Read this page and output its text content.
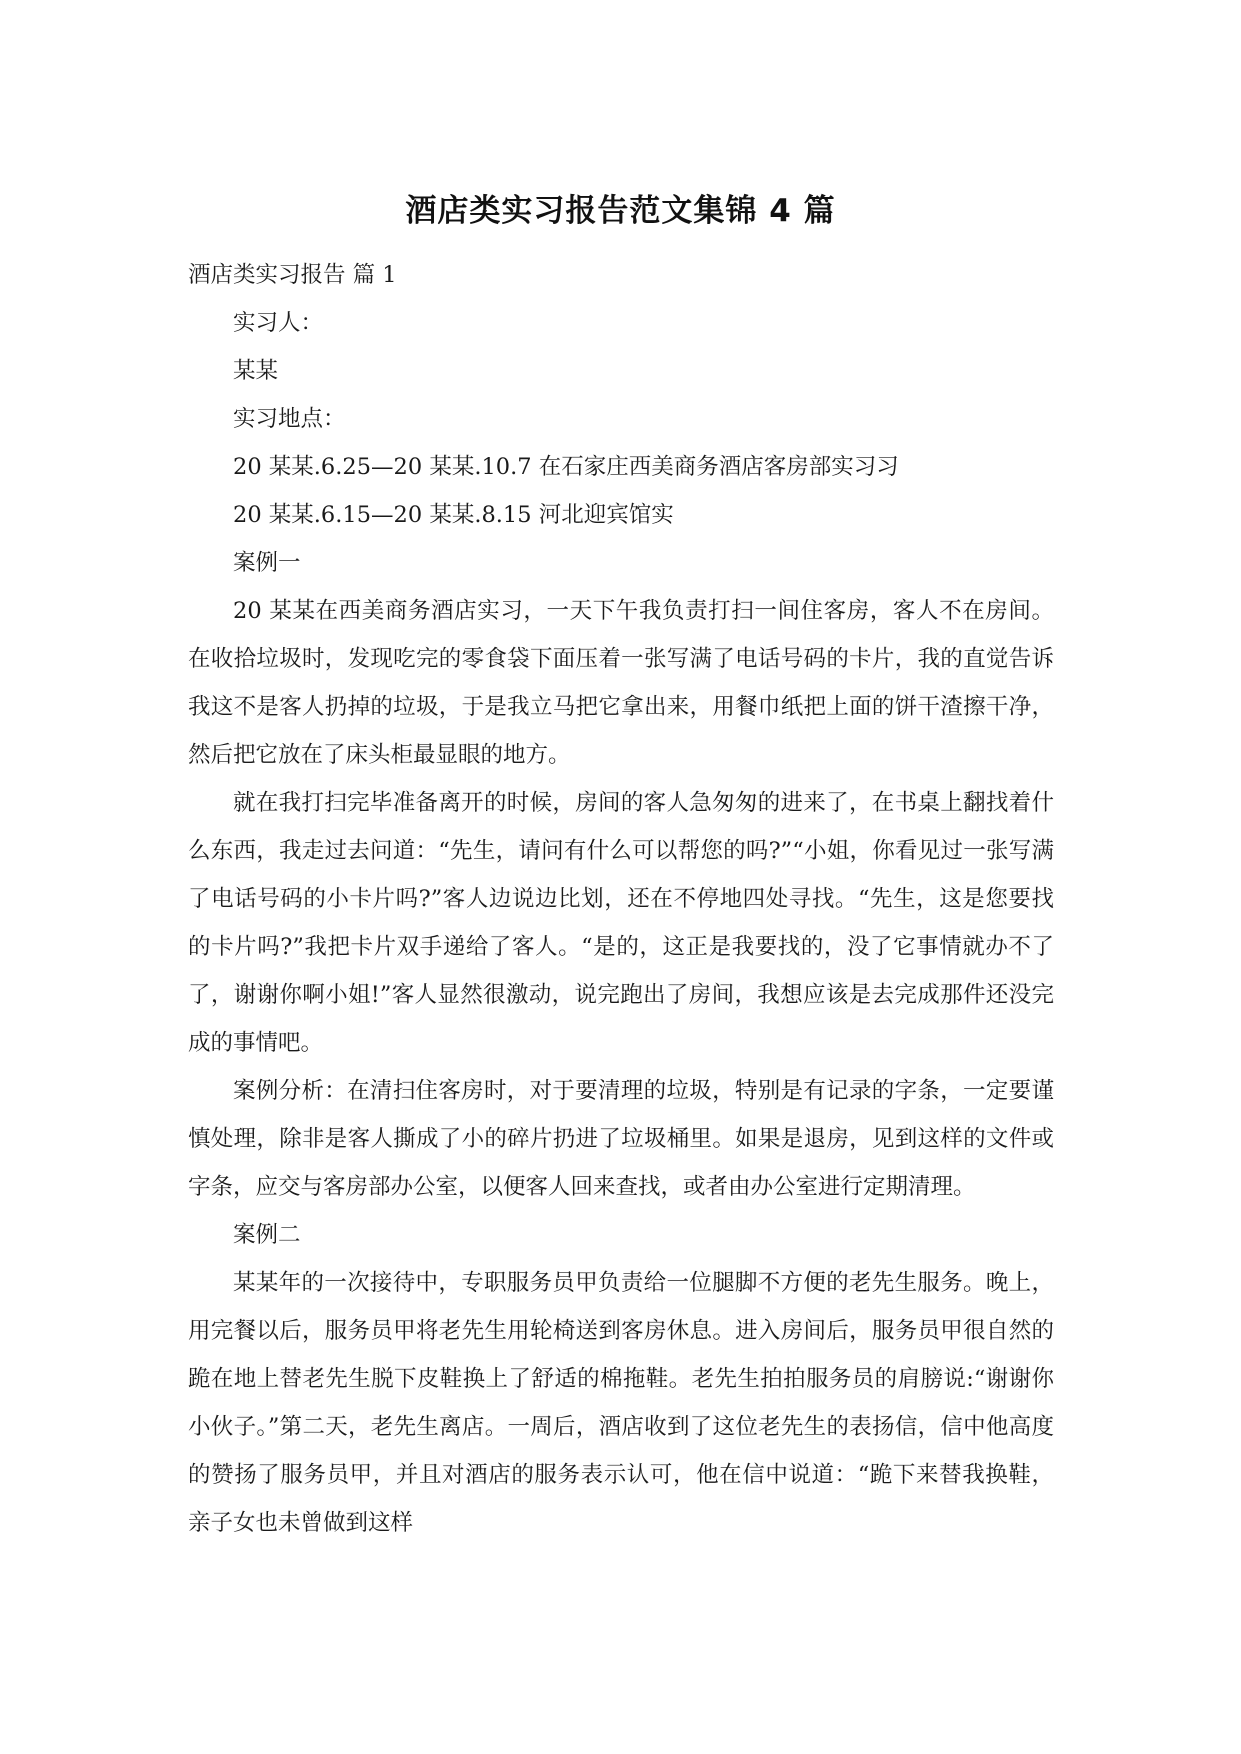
酒店类实习报告范文集锦 4 篇

酒店类实习报告 篇 1

实习人：

某某

实习地点：

20 某某.6.25—20 某某.10.7 在石家庄西美商务酒店客房部实习习

20 某某.6.15—20 某某.8.15 河北迎宾馆实

案例一

20 某某在西美商务酒店实习，一天下午我负责打扫一间住客房，客人不在房间。在收拾垃圾时，发现吃完的零食袋下面压着一张写满了电话号码的卡片，我的直觉告诉我这不是客人扔掉的垃圾，于是我立马把它拿出来，用餐巾纸把上面的饼干渣擦干净，然后把它放在了床头柜最显眼的地方。

就在我打扫完毕准备离开的时候，房间的客人急匆匆的进来了，在书桌上翻找着什么东西，我走过去问道：“先生，请问有什么可以帮您的吗?”“小姐，你看见过一张写满了电话号码的小卡片吗?”客人边说边比划，还在不停地四处寻找。“先生，这是您要找的卡片吗?”我把卡片双手递给了客人。“是的，这正是我要找的，没了它事情就办不了了，谢谢你啊小姐!”客人显然很激动，说完跑出了房间，我想应该是去完成那件还没完成的事情吧。

案例分析：在清扫住客房时，对于要清理的垃圾，特别是有记录的字条，一定要谨慎处理，除非是客人撕成了小的碎片扔进了垃圾桶里。如果是退房，见到这样的文件或字条，应交与客房部办公室，以便客人回来查找，或者由办公室进行定期清理。

案例二

某某年的一次接待中，专职服务员甲负责给一位腿脚不方便的老先生服务。晚上，用完餐以后，服务员甲将老先生用轮椅送到客房休息。进入房间后，服务员甲很自然的跪在地上替老先生脱下皮鞋换上了舒适的棉拖鞋。老先生拍拍服务员的肩膀说:“谢谢你小伙子。”第二天，老先生离店。一周后，酒店收到了这位老先生的表扬信，信中他高度的赞扬了服务员甲，并且对酒店的服务表示认可，他在信中说道：“跪下来替我换鞋，亲子女也未曾做到这样
